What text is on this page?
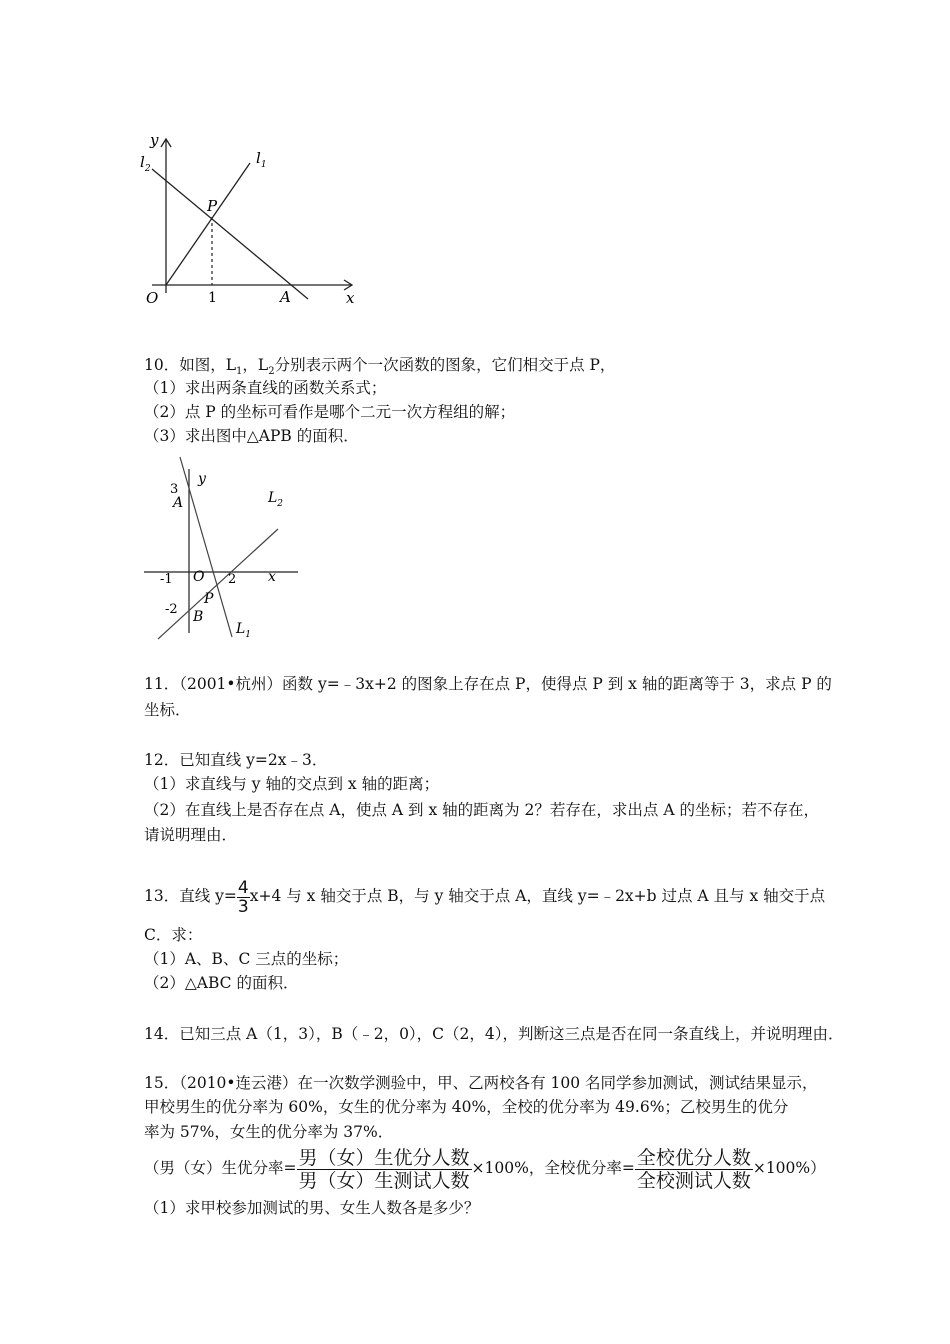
y
$l_2$
$l_1$
P
O	1	A	x
10．如图，$L_1$，$L_2$分别表示两个一次函数的图象，它们相交于点 P，
（1）求出两条直线的函数关系式；
（2）点 P 的坐标可看作是哪个二元一次方程组的解；
（3）求出图中△APB 的面积．
3
y
A	$L_2$
-1 O 2 x
P
-2 B
$L_1$
11．（2001•杭州）函数 y=﹣3x+2 的图象上存在点 P，使得点 P 到 x 轴的距离等于 3，求点 P 的
坐标．
12．已知直线 y=2x﹣3．
（1）求直线与 y 轴的交点到 x 轴的距离；
（2）在直线上是否存在点 A，使点 A 到 x 轴的距离为 2？若存在，求出点 A 的坐标；若不存在，
请说明理由．
13．直线 $y= \frac{4}{3} x+4$ 与 x 轴交于点 B，与 y 轴交于点 A，直线 y=﹣2x+b 过点 A 且与 x 轴交于点
C．求：
（1）A、B、C 三点的坐标；
（2）△ABC 的面积．
14．已知三点 A（1，3），B（﹣2，0），C（2，4），判断这三点是否在同一条直线上，并说明理由．
15．（2010•连云港）在一次数学测验中，甲、乙两校各有 100 名同学参加测试，测试结果显示，
甲校男生的优分率为 60%，女生的优分率为 40%，全校的优分率为 49.6%；乙校男生的优分
率为 57%，女生的优分率为 37%．
（男（女）生优分率= $\frac{\text{男（女）生优分人数}}{\text{男（女）生测试人数}} \times 100\%$，全校优分率= $\frac{\text{全校优分人数}}{\text{全校测试人数}} \times 100\%$）
（1）求甲校参加测试的男、女生人数各是多少？
